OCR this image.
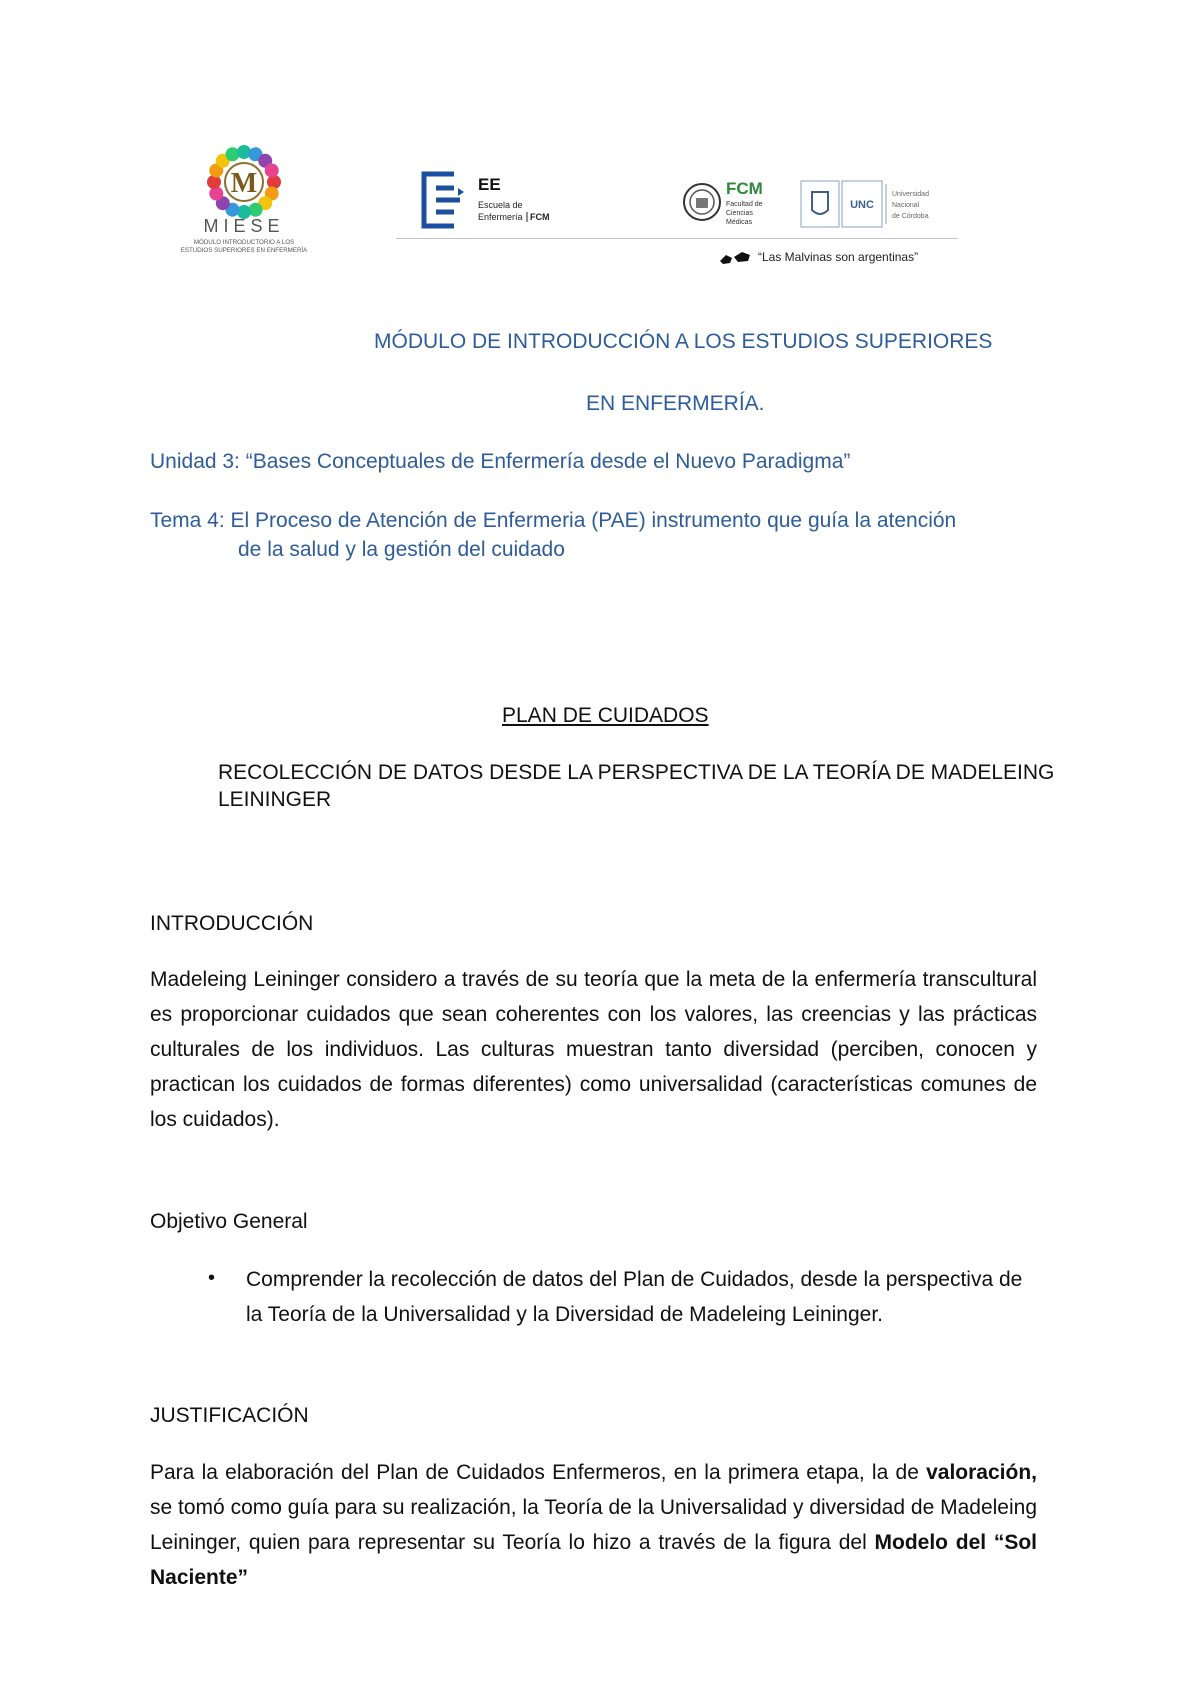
M
MIESE
MÓDULO INTRODUCTORIO A LOS
ESTUDIOS SUPERIORES EN ENFERMERÍA
EE
Escuela de
Enfermería FCM
FCM
Facultad de
Ciencias
Médicas
UNC
Universidad
Nacional
de Córdoba
“Las Malvinas son argentinas”
MÓDULO DE INTRODUCCIÓN A LOS ESTUDIOS SUPERIORES
EN ENFERMERÍA.
Unidad 3: “Bases Conceptuales de Enfermería desde el Nuevo Paradigma”
Tema 4: El Proceso de Atención de Enfermeria (PAE) instrumento que guía la atención
de la salud y la gestión del cuidado
PLAN DE CUIDADOS
RECOLECCIÓN DE DATOS DESDE LA PERSPECTIVA DE LA TEORÍA DE MADELEING
LEININGER
INTRODUCCIÓN
Madeleing Leininger considero a través de su teoría que la meta de la enfermería transcultural es proporcionar cuidados que sean coherentes con los valores, las creencias y las prácticas culturales de los individuos. Las culturas muestran tanto diversidad (perciben, conocen y practican los cuidados de formas diferentes) como universalidad (características comunes de los cuidados).
Objetivo General
• Comprender la recolección de datos del Plan de Cuidados, desde la perspectiva de la Teoría de la Universalidad y la Diversidad de Madeleing Leininger.
JUSTIFICACIÓN
Para la elaboración del Plan de Cuidados Enfermeros, en la primera etapa, la de valoración, se tomó como guía para su realización, la Teoría de la Universalidad y diversidad de Madeleing Leininger, quien para representar su Teoría lo hizo a través de la figura del Modelo del “Sol Naciente”
